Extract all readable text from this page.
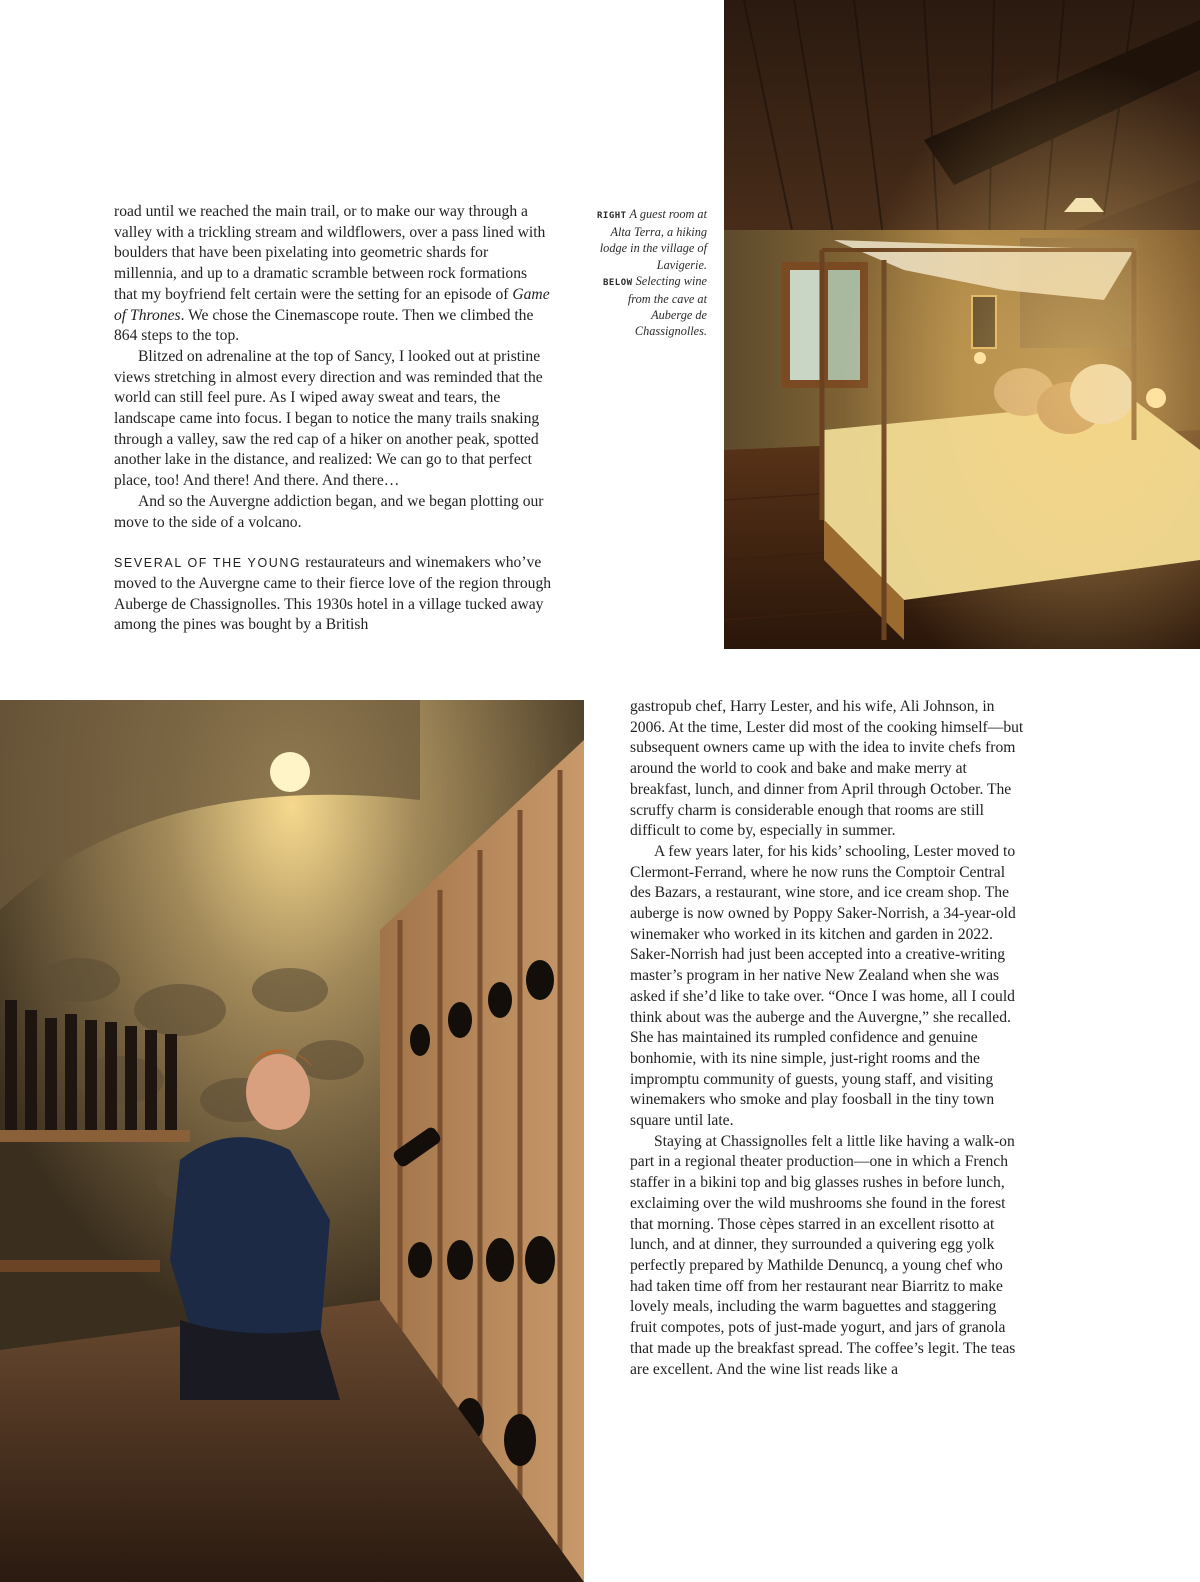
road until we reached the main trail, or to make our way through a valley with a trickling stream and wildflowers, over a pass lined with boulders that have been pixelating into geometric shards for millennia, and up to a dramatic scramble between rock formations that my boyfriend felt certain were the setting for an episode of Game of Thrones. We chose the Cinemascope route. Then we climbed the 864 steps to the top.

Blitzed on adrenaline at the top of Sancy, I looked out at pristine views stretching in almost every direction and was reminded that the world can still feel pure. As I wiped away sweat and tears, the landscape came into focus. I began to notice the many trails snaking through a valley, saw the red cap of a hiker on another peak, spotted another lake in the distance, and realized: We can go to that perfect place, too! And there! And there. And there…

And so the Auvergne addiction began, and we began plotting our move to the side of a volcano.

SEVERAL OF THE YOUNG restaurateurs and winemakers who’ve moved to the Auvergne came to their fierce love of the region through Auberge de Chassignolles. This 1930s hotel in a village tucked away among the pines was bought by a British

RIGHT A guest room at Alta Terra, a hiking lodge in the village of Lavigerie.
BELOW Selecting wine from the cave at Auberge de Chassignolles.

gastropub chef, Harry Lester, and his wife, Ali Johnson, in 2006. At the time, Lester did most of the cooking himself—but subsequent owners came up with the idea to invite chefs from around the world to cook and bake and make merry at breakfast, lunch, and dinner from April through October. The scruffy charm is considerable enough that rooms are still difficult to come by, especially in summer.

A few years later, for his kids’ schooling, Lester moved to Clermont-Ferrand, where he now runs the Comptoir Central des Bazars, a restaurant, wine store, and ice cream shop. The auberge is now owned by Poppy Saker-Norrish, a 34-year-old winemaker who worked in its kitchen and garden in 2022. Saker-Norrish had just been accepted into a creative-writing master’s program in her native New Zealand when she was asked if she’d like to take over. “Once I was home, all I could think about was the auberge and the Auvergne,” she recalled. She has maintained its rumpled confidence and genuine bonhomie, with its nine simple, just-right rooms and the impromptu community of guests, young staff, and visiting winemakers who smoke and play foosball in the tiny town square until late.

Staying at Chassignolles felt a little like having a walk-on part in a regional theater production—one in which a French staffer in a bikini top and big glasses rushes in before lunch, exclaiming over the wild mushrooms she found in the forest that morning. Those cèpes starred in an excellent risotto at lunch, and at dinner, they surrounded a quivering egg yolk perfectly prepared by Mathilde Denuncq, a young chef who had taken time off from her restaurant near Biarritz to make lovely meals, including the warm baguettes and staggering fruit compotes, pots of just-made yogurt, and jars of granola that made up the breakfast spread. The coffee’s legit. The teas are excellent. And the wine list reads like a
